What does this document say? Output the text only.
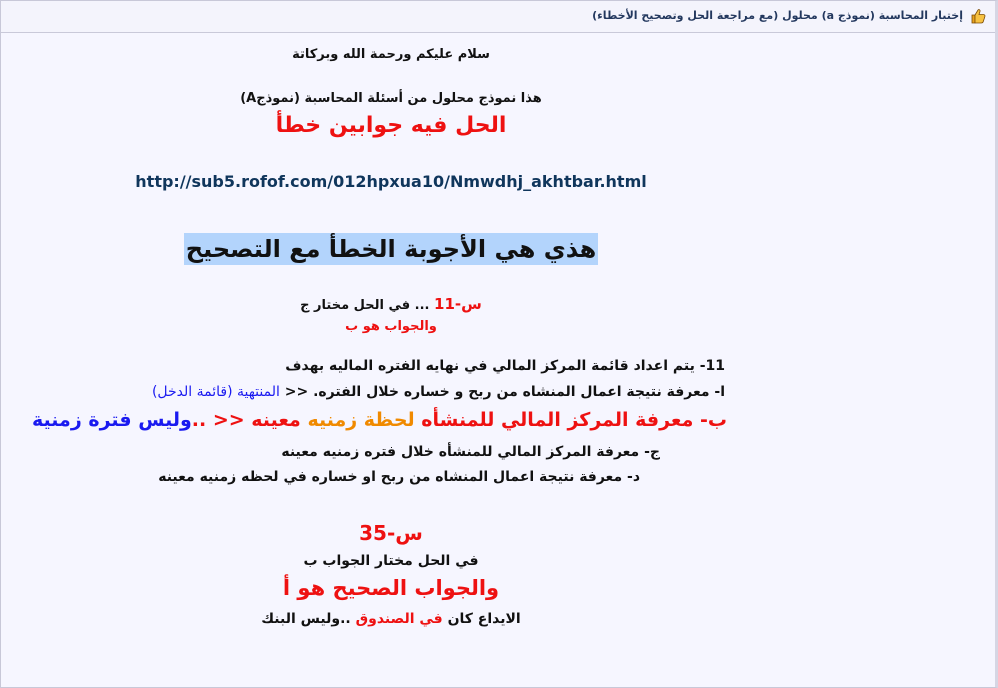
إختبار المحاسبة (نموذج a) محلول (مع مراجعة الحل وتصحيح الأخطاء)
سلام عليكم ورحمة الله وبركاتة
هذا نموذج محلول من أسئلة المحاسبة (نموذجA)
الحل فيه جوابين خطأ
http://sub5.rofof.com/012hpxua10/Nmwdhj_akhtbar.html
هذي هي الأجوبة الخطأ مع التصحيح
س-11 ... في الحل مختار ج
والجواب هو ب
11- يتم اعداد قائمة المركز المالي في نهايه الفتره الماليه بهدف
ا- معرفة نتيجة اعمال المنشاه من ربح و خساره خلال الفتره. << المنتهية (قائمة الدخل)
ب- معرفة المركز المالي للمنشأه لحظة زمنيه معينه << ..وليس فترة زمنية
ج- معرفة المركز المالي للمنشأه خلال فتره زمنيه معينه
د- معرفة نتيجة اعمال المنشاه من ربح او خساره في لحظه زمنيه معينه
س-35
في الحل مختار الجواب ب
والجواب الصحيح هو أ
الايداع كان في الصندوق ..وليس البنك
